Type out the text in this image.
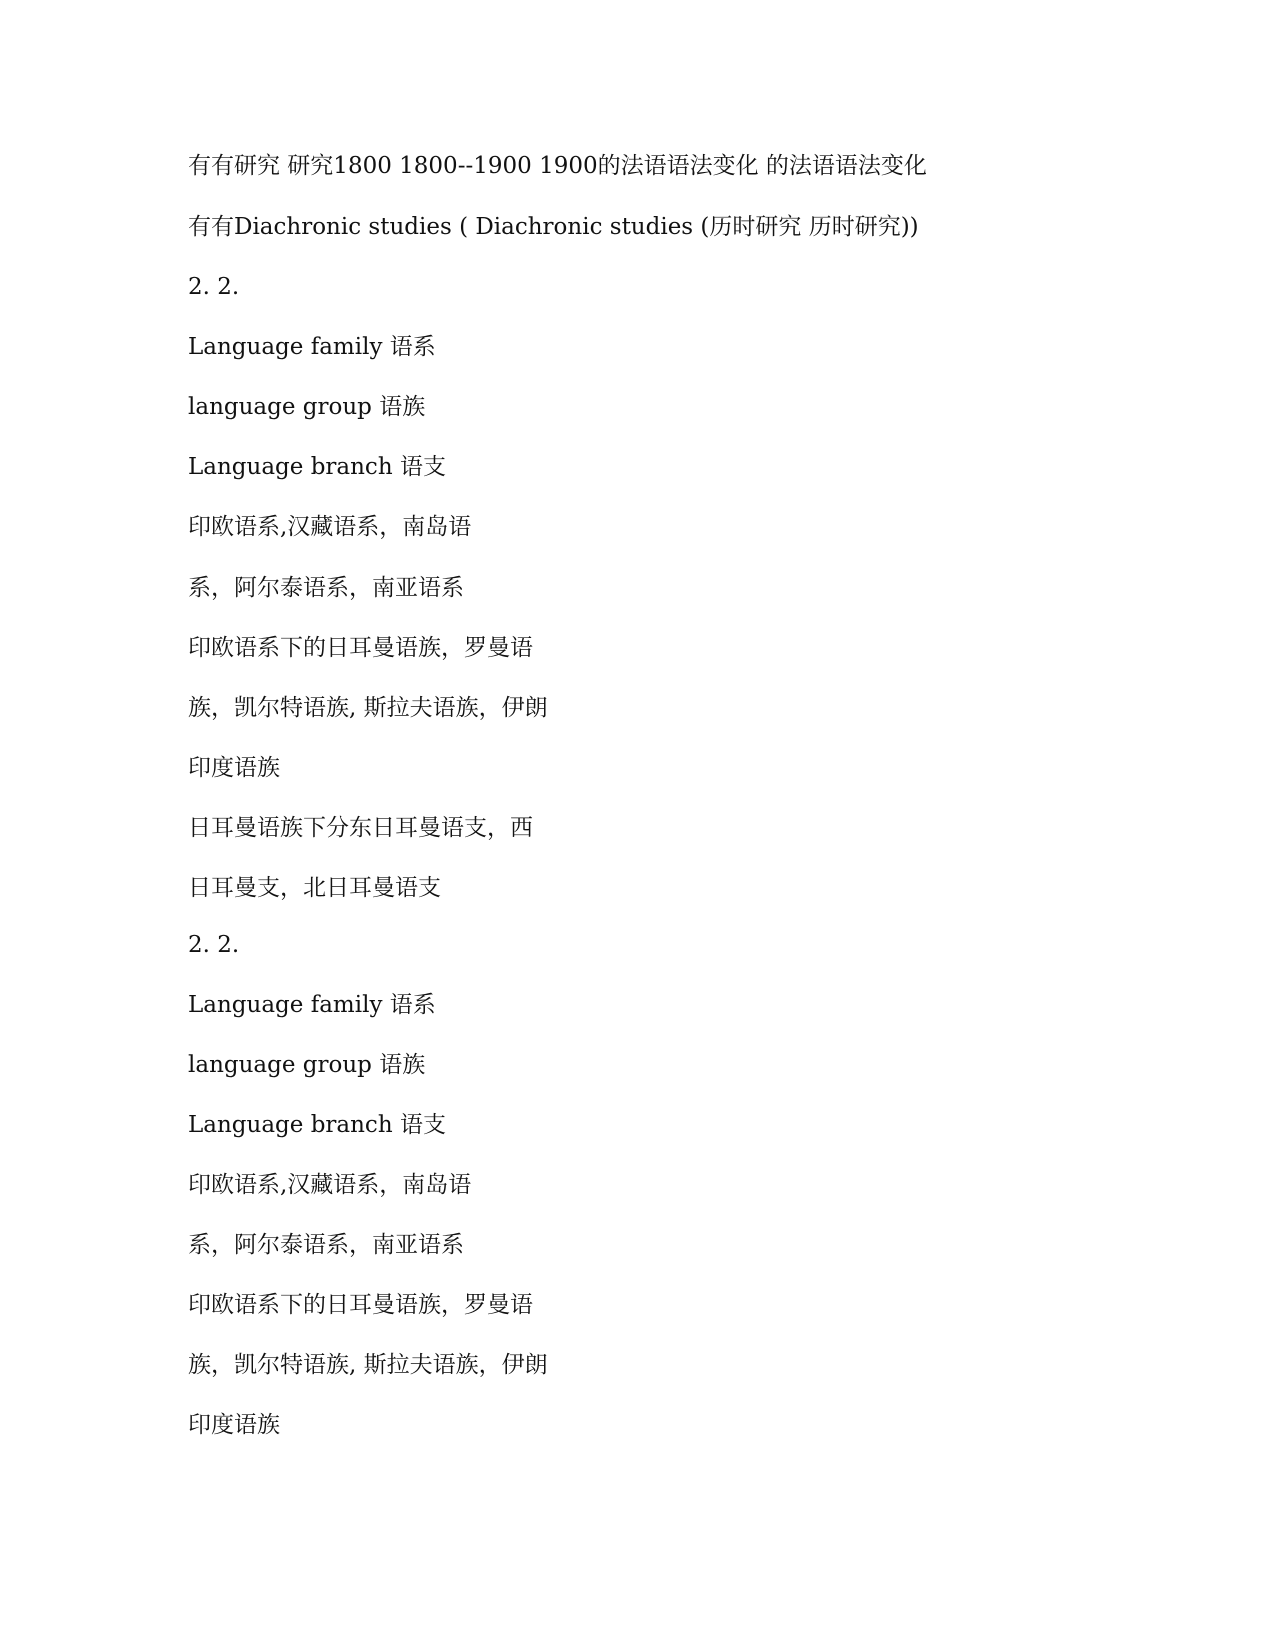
有有研究 研究1800 1800--1900 1900的法语语法变化 的法语语法变化

有有Diachronic studies ( Diachronic studies (历时研究 历时研究))

2. 2.

Language family 语系

language group 语族

Language branch 语支

印欧语系,汉藏语系，南岛语

系，阿尔泰语系，南亚语系

印欧语系下的日耳曼语族，罗曼语

族，凯尔特语族, 斯拉夫语族，伊朗

印度语族

日耳曼语族下分东日耳曼语支，西

日耳曼支，北日耳曼语支

2. 2.

Language family 语系

language group 语族

Language branch 语支

印欧语系,汉藏语系，南岛语

系，阿尔泰语系，南亚语系

印欧语系下的日耳曼语族，罗曼语

族，凯尔特语族, 斯拉夫语族，伊朗

印度语族
